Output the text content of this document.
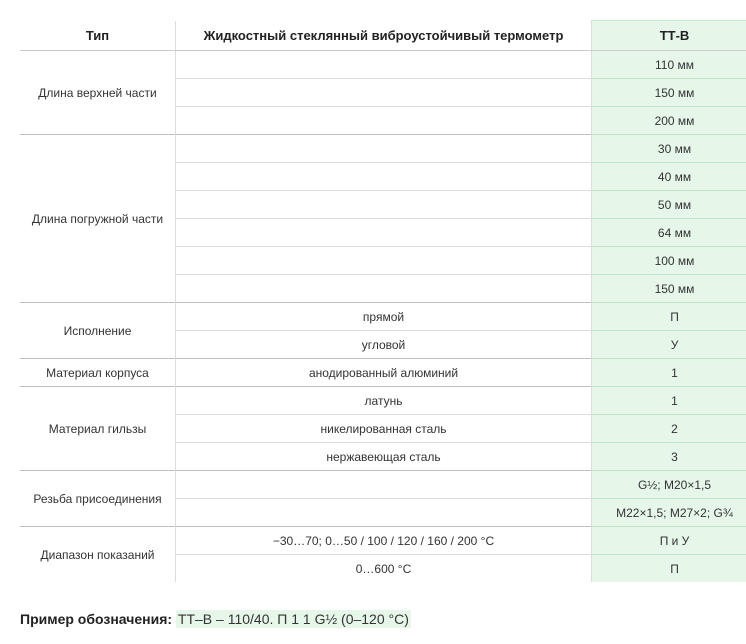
Тип	Жидкостный стеклянный виброустойчивый термометр	ТТ-В
Длина верхней части		110 мм
		150 мм
		200 мм
Длина погружной части		30 мм
		40 мм
		50 мм
		64 мм
		100 мм
		150 мм
Исполнение	прямой	П
	угловой	У
Материал корпуса	анодированный алюминий	1
Материал гильзы	латунь	1
	никелированная сталь	2
	нержавеющая сталь	3
Резьба присоединения		G½; M20×1,5
		M22×1,5; M27×2; G¾
Диапазон показаний	−30…70; 0…50 / 100 / 120 / 160 / 200 °C	П и У
	0…600 °C	П
Пример обозначения: ТТ–В – 110/40. П 1 1 G½ (0–120 °C)
